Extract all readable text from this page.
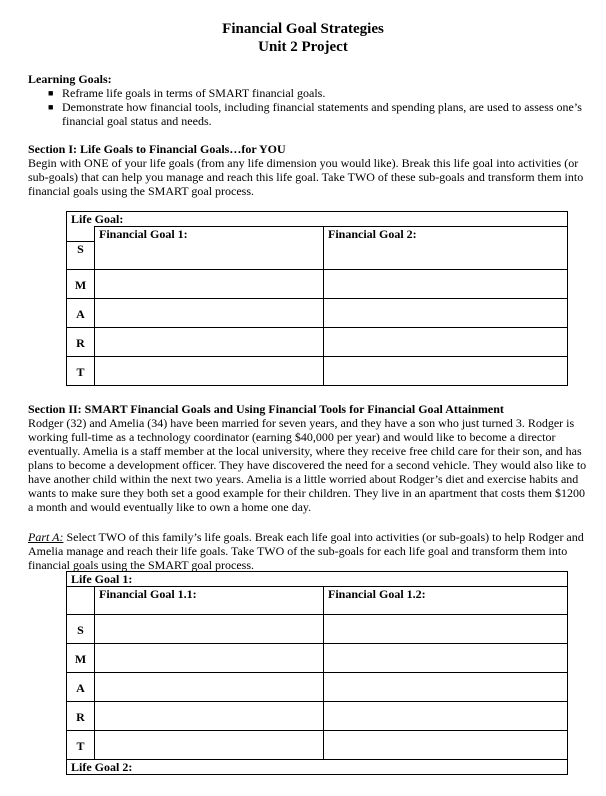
Financial Goal Strategies
Unit 2 Project
Learning Goals:
■ Reframe life goals in terms of SMART financial goals.
■ Demonstrate how financial tools, including financial statements and spending plans, are used to assess one’s financial goal status and needs.
Section I: Life Goals to Financial Goals…for YOU
Begin with ONE of your life goals (from any life dimension you would like). Break this life goal into activities (or sub-goals) that can help you manage and reach this life goal. Take TWO of these sub-goals and transform them into financial goals using the SMART goal process.
Life Goal:		
	Financial Goal 1:	Financial Goal 2:
S		
M		
A		
R		
T		
Section II: SMART Financial Goals and Using Financial Tools for Financial Goal Attainment
Rodger (32) and Amelia (34) have been married for seven years, and they have a son who just turned 3. Rodger is working full-time as a technology coordinator (earning $40,000 per year) and would like to become a director eventually. Amelia is a staff member at the local university, where they receive free child care for their son, and has plans to become a development officer. They have discovered the need for a second vehicle. They would also like to have another child within the next two years. Amelia is a little worried about Rodger’s diet and exercise habits and wants to make sure they both set a good example for their children. They live in an apartment that costs them $1200 a month and would eventually like to own a home one day.
Part A: Select TWO of this family’s life goals. Break each life goal into activities (or sub-goals) to help Rodger and Amelia manage and reach their life goals. Take TWO of the sub-goals for each life goal and transform them into financial goals using the SMART goal process.
Life Goal 1:		
	Financial Goal 1.1:	Financial Goal 1.2:
S		
M		
A		
R		
T		
Life Goal 2:		
